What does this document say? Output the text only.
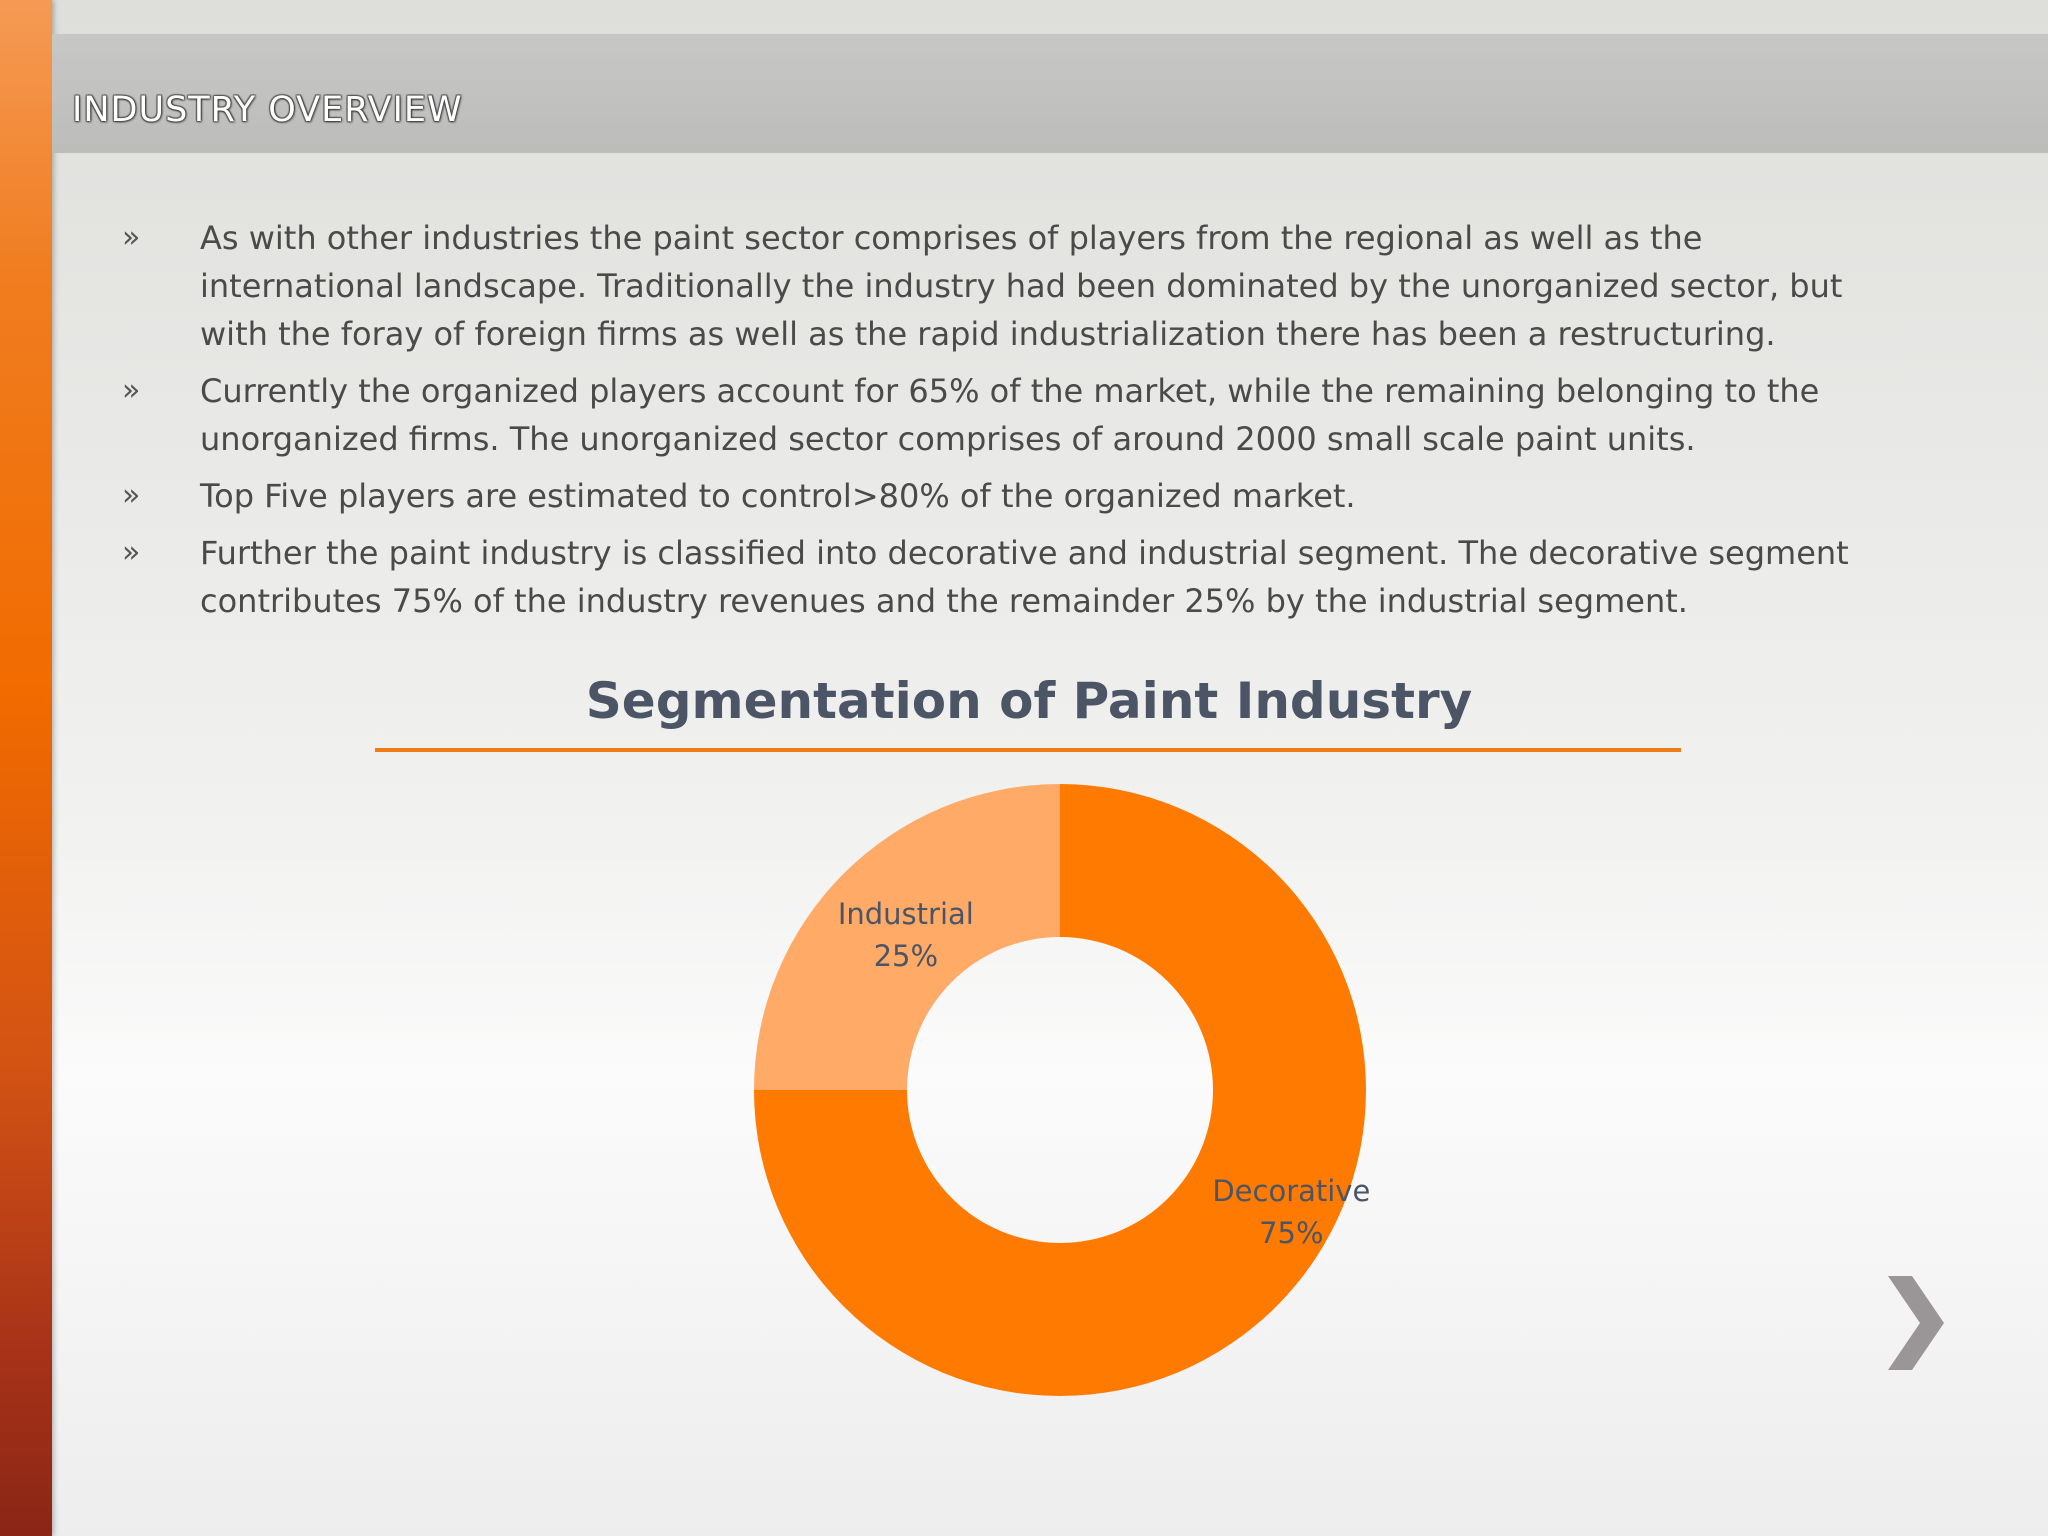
INDUSTRY OVERVIEW
» As with other industries the paint sector comprises of players from the regional as well as the international landscape. Traditionally the industry had been dominated by the unorganized sector, but with the foray of foreign firms as well as the rapid industrialization there has been a restructuring.
» Currently the organized players account for 65% of the market, while the remaining belonging to the unorganized firms. The unorganized sector comprises of around 2000 small scale paint units.
» Top Five players are estimated to control>80% of the organized market.
» Further the paint industry is classified into decorative and industrial segment. The decorative segment contributes 75% of the industry revenues and the remainder 25% by the industrial segment.
Segmentation of Paint Industry
Decorative
75%
Industrial
25%
